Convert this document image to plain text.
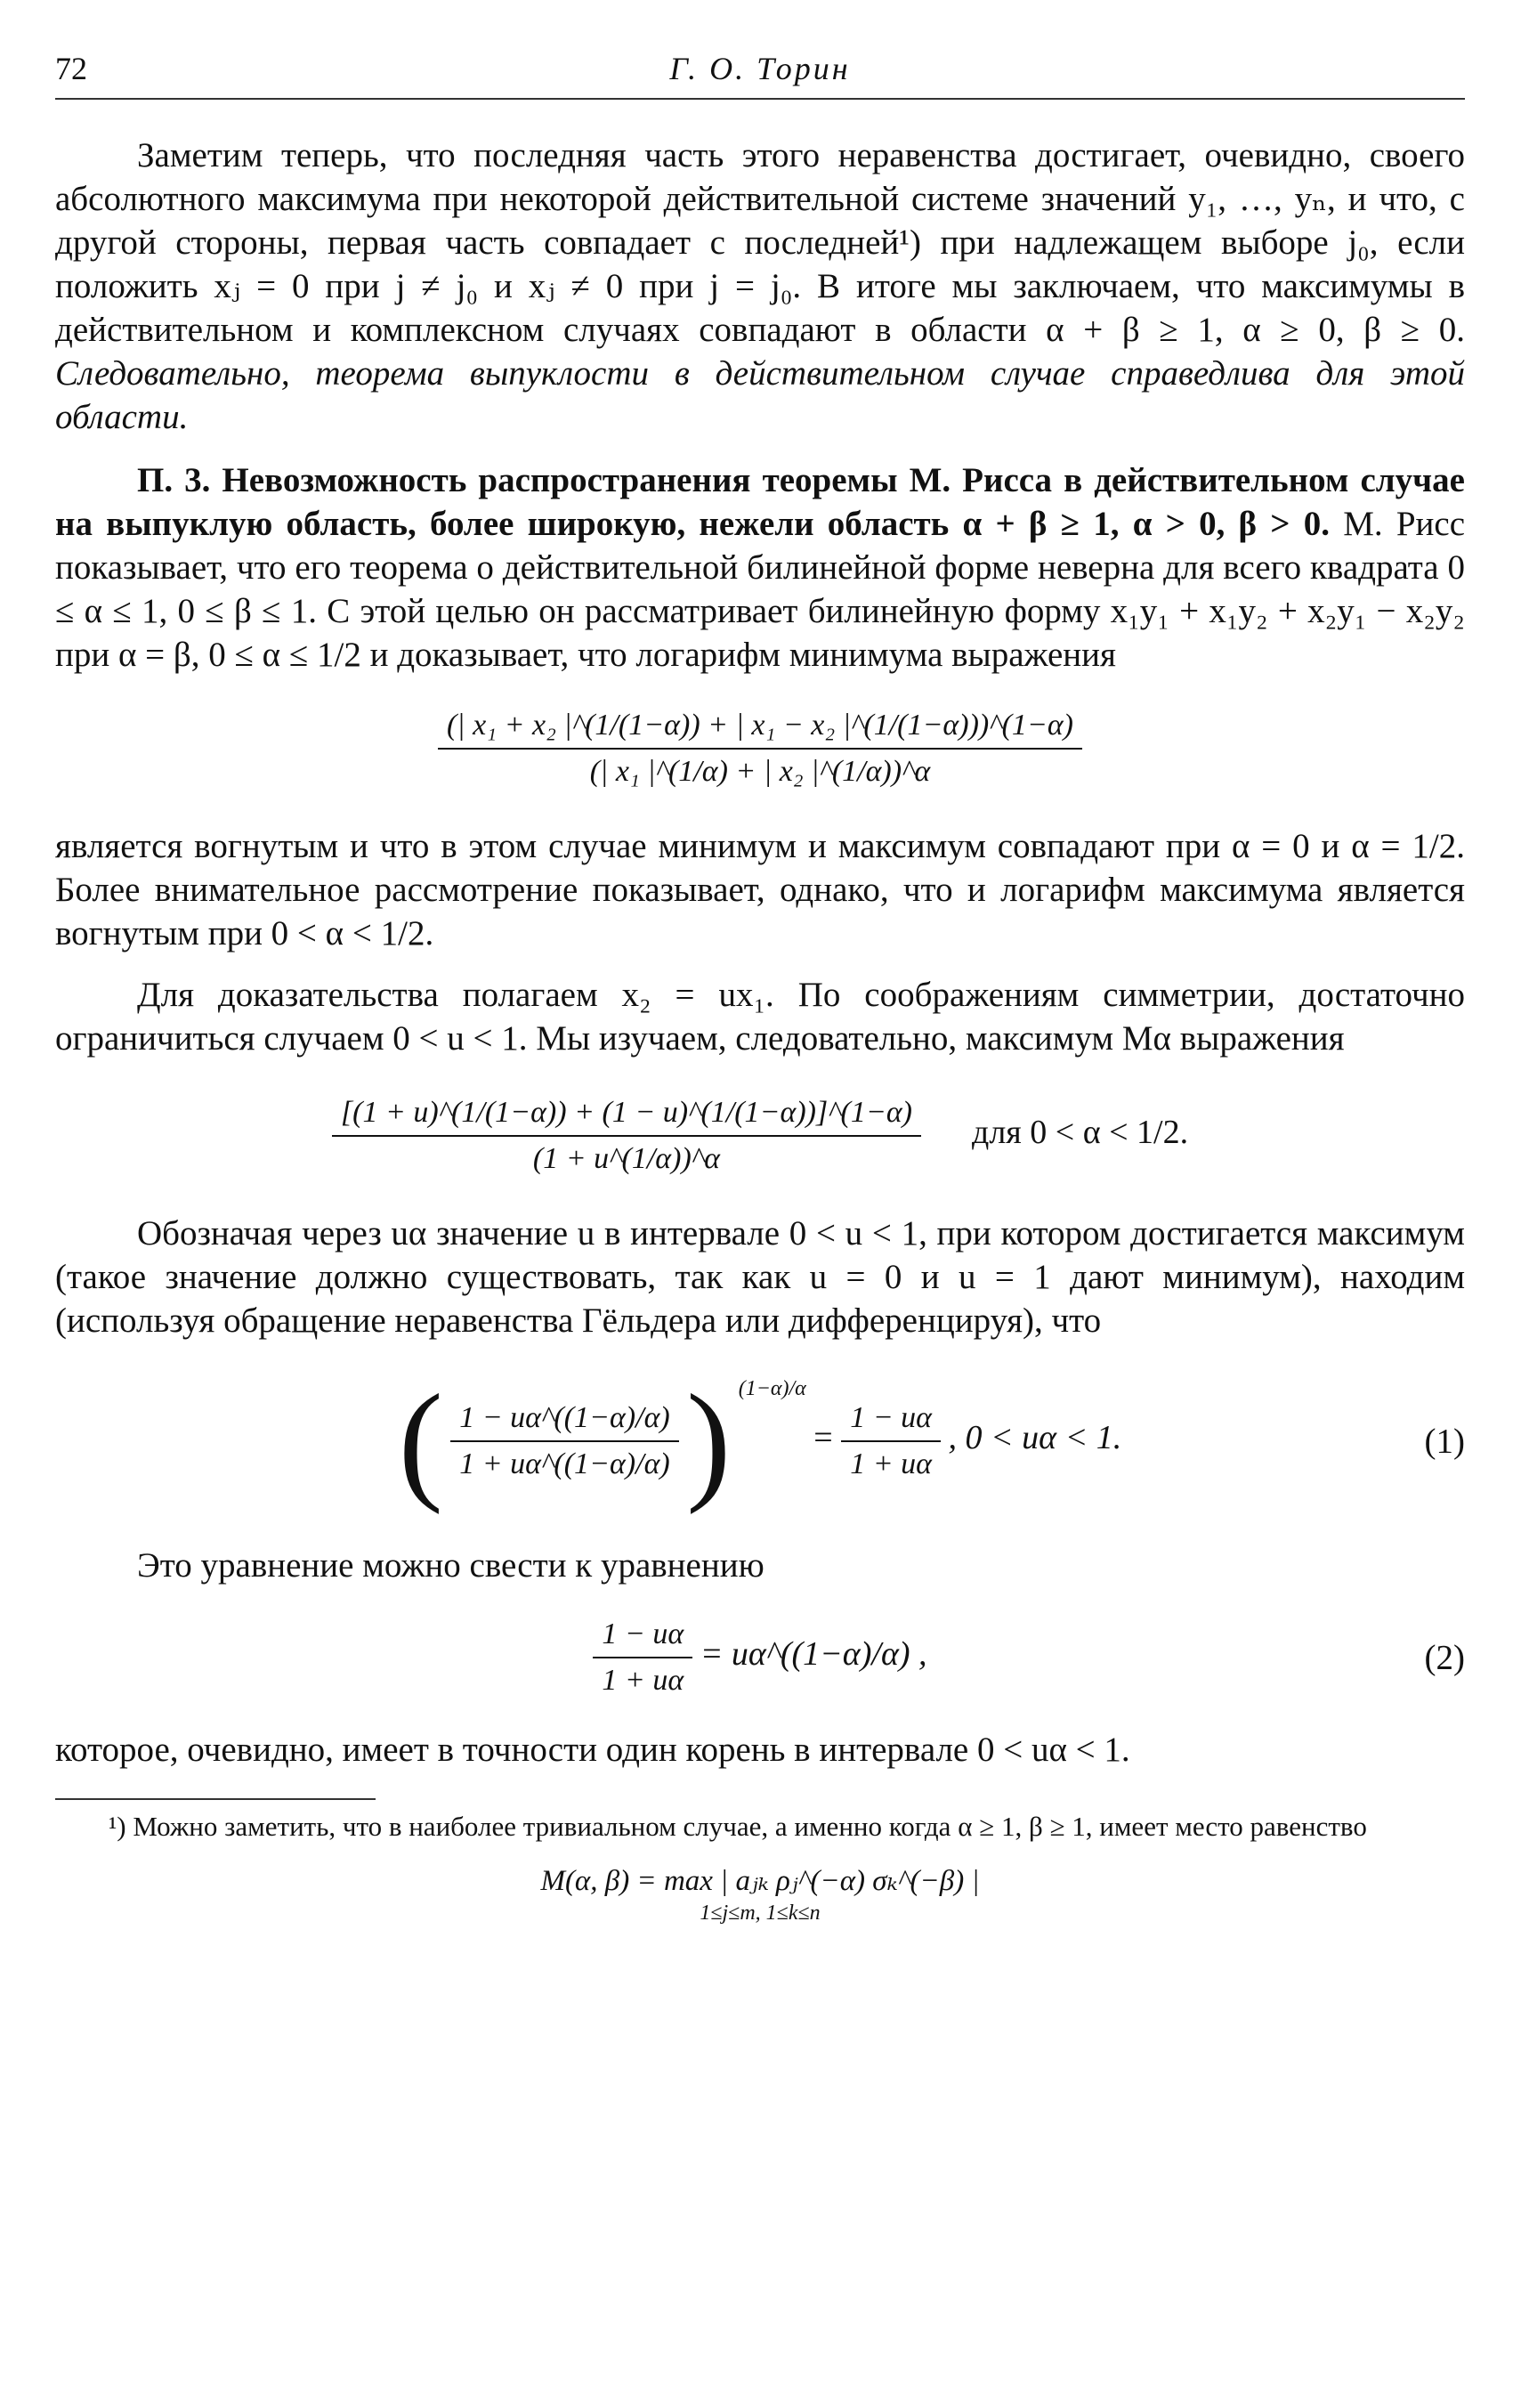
72	Г. О. Торин

Заметим теперь, что последняя часть этого неравенства достигает, очевидно, своего абсолютного максимума при некоторой действительной системе значений y₁, …, yₙ, и что, с другой стороны, первая часть совпадает с последней¹) при надлежащем выборе j₀, если положить xⱼ = 0 при j ≠ j₀ и xⱼ ≠ 0 при j = j₀. В итоге мы заключаем, что максимумы в действительном и комплексном случаях совпадают в области α + β ≥ 1, α ≥ 0, β ≥ 0. Следовательно, теорема выпуклости в действительном случае справедлива для этой области.

П. 3. Невозможность распространения теоремы М. Рисса в действительном случае на выпуклую область, более широкую, нежели область α + β ≥ 1, α > 0, β > 0. М. Рисс показывает, что его теорема о действительной билинейной форме неверна для всего квадрата 0 ≤ α ≤ 1, 0 ≤ β ≤ 1. С этой целью он рассматривает билинейную форму x₁y₁ + x₁y₂ + x₂y₁ − x₂y₂ при α = β, 0 ≤ α ≤ 1/2 и доказывает, что логарифм минимума выражения

$\frac{\text{(| x₁ + x₂ |\textasciicircum{}(1/(1−α)) + | x₁ − x₂ |\textasciicircum{}(1/(1−α)))\textasciicircum{}(1−α)}}{\text{(| x₁ |\textasciicircum{}(1/α) + | x₂ |\textasciicircum{}(1/α))\textasciicircum{}α}}$

является вогнутым и что в этом случае минимум и максимум совпадают при α = 0 и α = 1/2. Более внимательное рассмотрение показывает, однако, что и логарифм максимума является вогнутым при 0 < α < 1/2.

Для доказательства полагаем x₂ = ux₁. По соображениям симметрии, достаточно ограничиться случаем 0 < u < 1. Мы изучаем, следовательно, максимум Mα выражения

$\frac{[(1 + u)\^{}(1/(1-\alpha)) + (1 - u)\^{}(1/(1-\alpha))]\^{}(1-\alpha)}{(1 + u\^{}(1/\alpha))\^{}\alpha}$ для 0 < α < 1/2.

Обозначая через uα значение u в интервале 0 < u < 1, при котором достигается максимум (такое значение должно существовать, так как u = 0 и u = 1 дают минимум), находим (используя обращение неравенства Гёльдера или дифференцируя), что

( $\frac{1 - u\alpha\^{}((1-\alpha)/\alpha)}{1 + u\alpha\^{}((1-\alpha)/\alpha)}$ ) $^{(1-\alpha)/\alpha} = \frac{1 - u\alpha}{1 + u\alpha}$ , 0 < uα < 1.	(1)

Это уравнение можно свести к уравнению

$\frac{1 - u\alpha}{1 + u\alpha}$ = uα^((1−α)/α) ,	(2)

которое, очевидно, имеет в точности один корень в интервале 0 < uα < 1.

¹) Можно заметить, что в наиболее тривиальном случае, а именно когда α ≥ 1, β ≥ 1, имеет место равенство

M(α, β) = max | aⱼₖ ρⱼ^(−α) σₖ^(−β) |
1≤j≤m, 1≤k≤n
